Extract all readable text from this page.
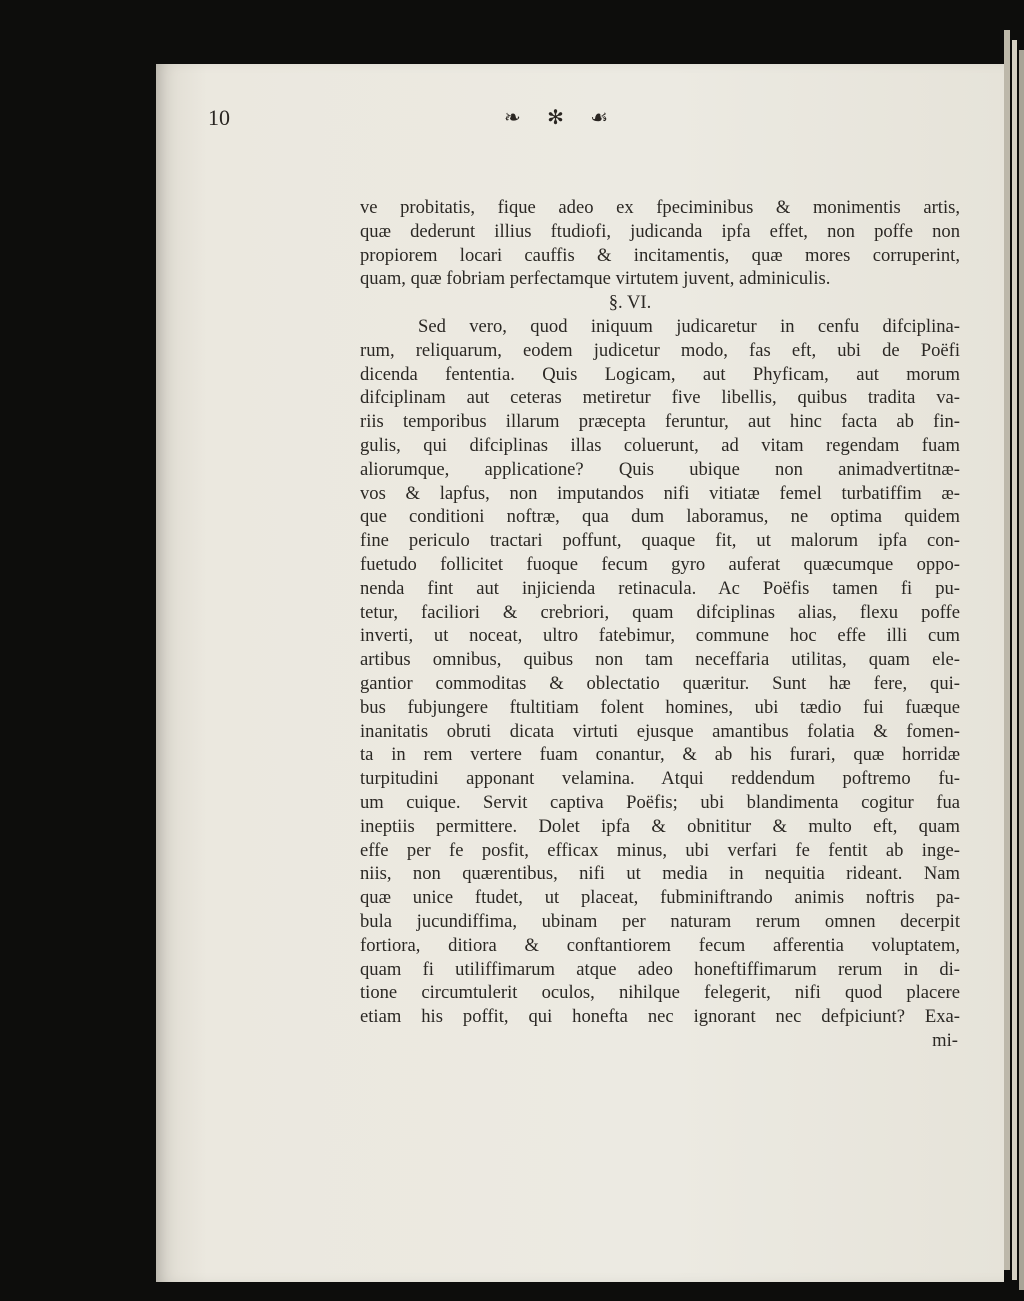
10	❧ ✻ ☙
ve probitatis, fique adeo ex fpeciminibus & monimentis artis,
quæ dederunt illius ftudiofi, judicanda ipfa effet, non poffe non
propiorem locari cauffis & incitamentis, quæ mores corruperint,
quam, quæ fobriam perfectamque virtutem juvent, adminiculis.
§. VI.
Sed vero, quod iniquum judicaretur in cenfu difciplina-
rum, reliquarum, eodem judicetur modo, fas eft, ubi de Poëfi
dicenda fententia. Quis Logicam, aut Phyficam, aut morum
difciplinam aut ceteras metiretur five libellis, quibus tradita va-
riis temporibus illarum præcepta feruntur, aut hinc facta ab fin-
gulis, qui difciplinas illas coluerunt, ad vitam regendam fuam
aliorumque, applicatione? Quis ubique non animadvertitnæ-
vos & lapfus, non imputandos nifi vitiatæ femel turbatiffim æ-
que conditioni noftræ, qua dum laboramus, ne optima quidem
fine periculo tractari poffunt, quaque fit, ut malorum ipfa con-
fuetudo follicitet fuoque fecum gyro auferat quæcumque oppo-
nenda fint aut injicienda retinacula. Ac Poëfis tamen fi pu-
tetur, faciliori & crebriori, quam difciplinas alias, flexu poffe
inverti, ut noceat, ultro fatebimur, commune hoc effe illi cum
artibus omnibus, quibus non tam neceffaria utilitas, quam ele-
gantior commoditas & oblectatio quæritur. Sunt hæ fere, qui-
bus fubjungere ftultitiam folent homines, ubi tædio fui fuæque
inanitatis obruti dicata virtuti ejusque amantibus folatia & fomen-
ta in rem vertere fuam conantur, & ab his furari, quæ horridæ
turpitudini apponant velamina. Atqui reddendum poftremo fu-
um cuique. Servit captiva Poëfis; ubi blandimenta cogitur fua
ineptiis permittere. Dolet ipfa & obnititur & multo eft, quam
effe per fe posfit, efficax minus, ubi verfari fe fentit ab inge-
niis, non quærentibus, nifi ut media in nequitia rideant. Nam
quæ unice ftudet, ut placeat, fubminiftrando animis noftris pa-
bula jucundiffima, ubinam per naturam rerum omnen decerpit
fortiora, ditiora & conftantiorem fecum afferentia voluptatem,
quam fi utiliffimarum atque adeo honeftiffimarum rerum in di-
tione circumtulerit oculos, nihilque felegerit, nifi quod placere
etiam his poffit, qui honefta nec ignorant nec defpiciunt? Exa-
mi-
